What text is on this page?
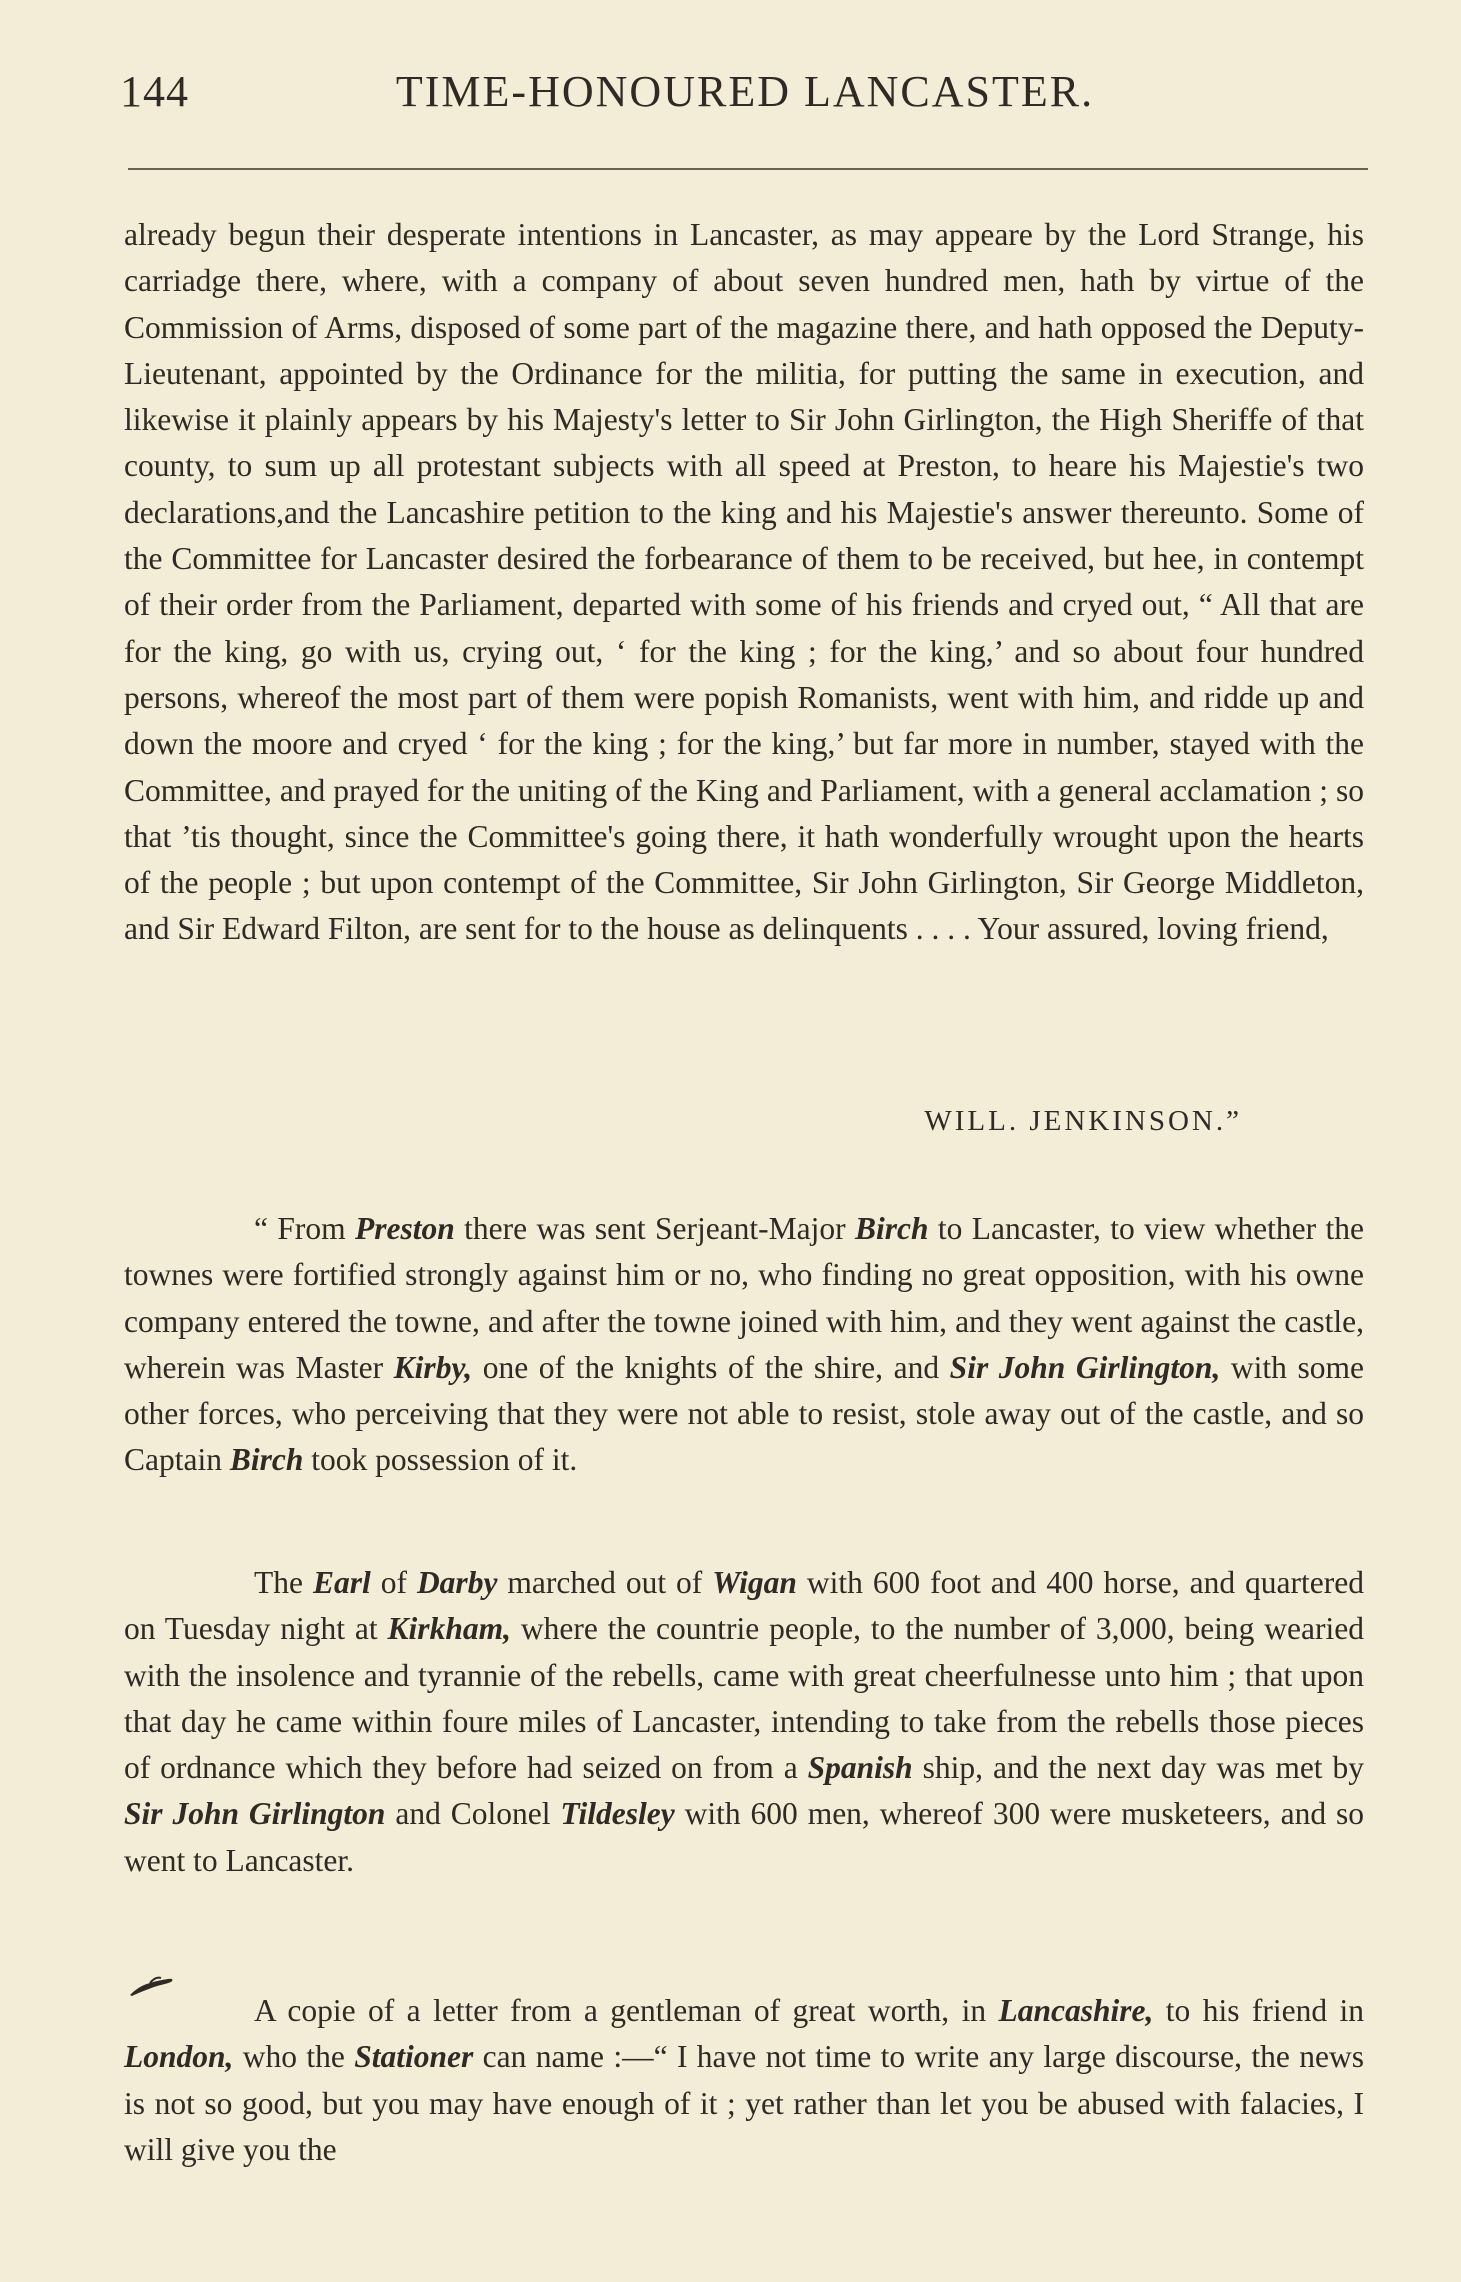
144	TIME-HONOURED LANCASTER.

already begun their desperate intentions in Lancaster, as may appeare by the Lord Strange, his carriadge there, where, with a company of about seven hundred men, hath by virtue of the Commission of Arms, disposed of some part of the magazine there, and hath opposed the Deputy-Lieutenant, appointed by the Ordinance for the militia, for putting the same in execution, and likewise it plainly appears by his Majesty's letter to Sir John Girlington, the High Sheriffe of that county, to sum up all protestant subjects with all speed at Preston, to heare his Majestie's two declarations,and the Lancashire petition to the king and his Majestie's answer thereunto. Some of the Committee for Lancaster desired the forbearance of them to be received, but hee, in contempt of their order from the Parliament, departed with some of his friends and cryed out, “ All that are for the king, go with us, crying out, ‘ for the king ; for the king,’ and so about four hundred persons, whereof the most part of them were popish Romanists, went with him, and ridde up and down the moore and cryed ‘ for the king ; for the king,’ but far more in number, stayed with the Committee, and prayed for the uniting of the King and Parliament, with a general acclamation ; so that ’tis thought, since the Committee's going there, it hath wonderfully wrought upon the hearts of the people ; but upon contempt of the Committee, Sir John Girlington, Sir George Middleton, and Sir Edward Filton, are sent for to the house as delinquents . . . . Your assured, loving friend,

WILL. JENKINSON.”

“ From Preston there was sent Serjeant-Major Birch to Lancaster, to view whether the townes were fortified strongly against him or no, who finding no great opposition, with his owne company entered the towne, and after the towne joined with him, and they went against the castle, wherein was Master Kirby, one of the knights of the shire, and Sir John Girlington, with some other forces, who perceiving that they were not able to resist, stole away out of the castle, and so Captain Birch took possession of it.

The Earl of Darby marched out of Wigan with 600 foot and 400 horse, and quartered on Tuesday night at Kirkham, where the countrie people, to the number of 3,000, being wearied with the insolence and tyrannie of the rebells, came with great cheerfulnesse unto him ; that upon that day he came within foure miles of Lancaster, intending to take from the rebells those pieces of ordnance which they before had seized on from a Spanish ship, and the next day was met by Sir John Girlington and Colonel Tildesley with 600 men, whereof 300 were musketeers, and so went to Lancaster.

A copie of a letter from a gentleman of great worth, in Lancashire, to his friend in London, who the Stationer can name :—“ I have not time to write any large discourse, the news is not so good, but you may have enough of it ; yet rather than let you be abused with falacies, I will give you the
